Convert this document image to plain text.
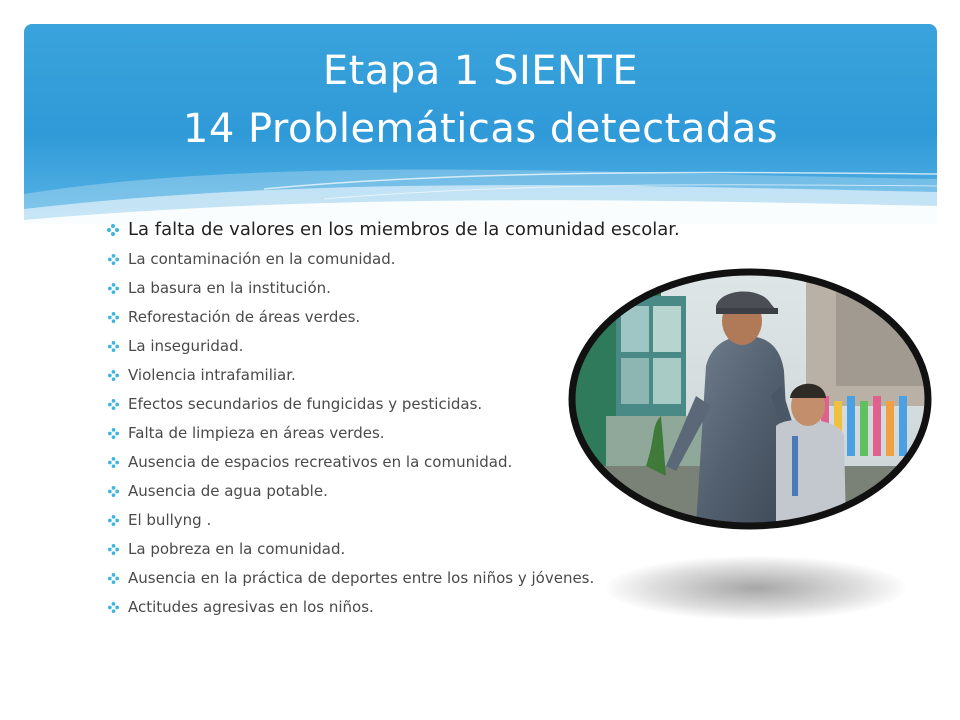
Etapa 1 SIENTE
14 Problemáticas detectadas
La falta de valores en los miembros de la comunidad escolar.
La contaminación en la comunidad.
La basura en la institución.
Reforestación de áreas verdes.
La inseguridad.
Violencia intrafamiliar.
Efectos secundarios de fungicidas y pesticidas.
Falta de limpieza en áreas verdes.
Ausencia de espacios recreativos en la comunidad.
Ausencia de agua potable.
El bullyng .
La pobreza en la comunidad.
Ausencia en la práctica de deportes entre los niños y jóvenes.
Actitudes agresivas en los niños.
